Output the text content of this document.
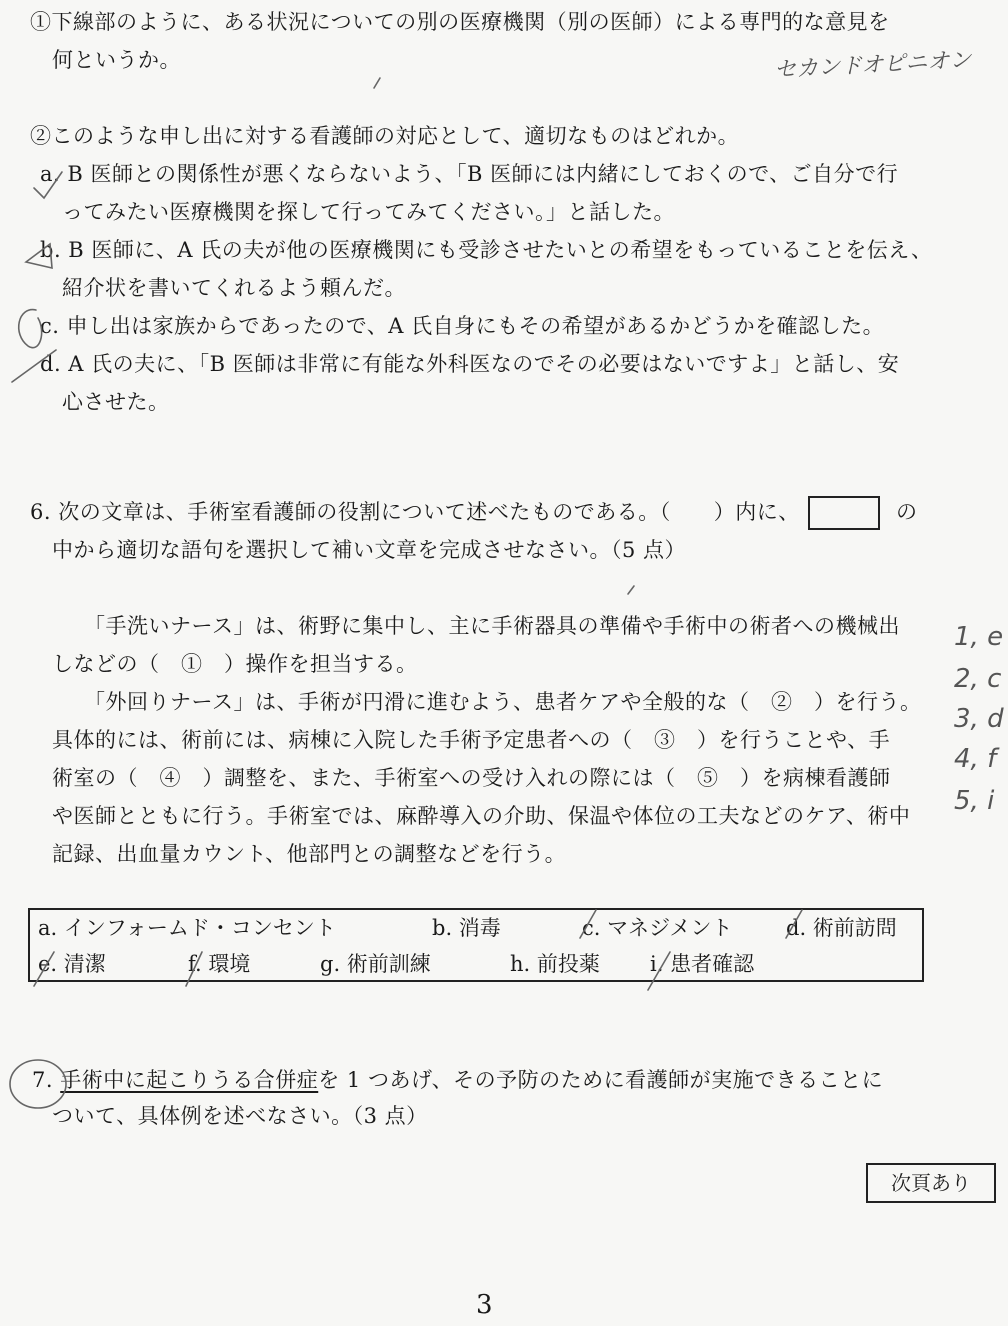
①下線部のように、ある状況についての別の医療機関（別の医師）による専門的な意見を
何というか。	セカンドオピニオン
②このような申し出に対する看護師の対応として、適切なものはどれか。
a. B 医師との関係性が悪くならないよう、「B 医師には内緒にしておくので、ご自分で行
ってみたい医療機関を探して行ってみてください。」と話した。
b. B 医師に、A 氏の夫が他の医療機関にも受診させたいとの希望をもっていることを伝え、
紹介状を書いてくれるよう頼んだ。
c. 申し出は家族からであったので、A 氏自身にもその希望があるかどうかを確認した。
d. A 氏の夫に、「B 医師は非常に有能な外科医なのでその必要はないですよ」と話し、安
心させた。
6. 次の文章は、手術室看護師の役割について述べたものである。（　　）内に、	の
中から適切な語句を選択して補い文章を完成させなさい。（5 点）
「手洗いナース」は、術野に集中し、主に手術器具の準備や手術中の術者への機械出
しなどの（　①　）操作を担当する。
「外回りナース」は、手術が円滑に進むよう、患者ケアや全般的な（　②　）を行う。
具体的には、術前には、病棟に入院した手術予定患者への（　③　）を行うことや、手
術室の（　④　）調整を、また、手術室への受け入れの際には（　⑤　）を病棟看護師
や医師とともに行う。手術室では、麻酔導入の介助、保温や体位の工夫などのケア、術中
記録、出血量カウント、他部門との調整などを行う。
1, e
2, c
3, d
4, f
5, i
a. インフォームド・コンセント	b. 消毒	c. マネジメント	d. 術前訪問
e. 清潔	f. 環境	g. 術前訓練	h. 前投薬 i. 患者確認
7. 手術中に起こりうる合併症を 1 つあげ、その予防のために看護師が実施できることに
ついて、具体例を述べなさい。（3 点）
次頁あり
3
